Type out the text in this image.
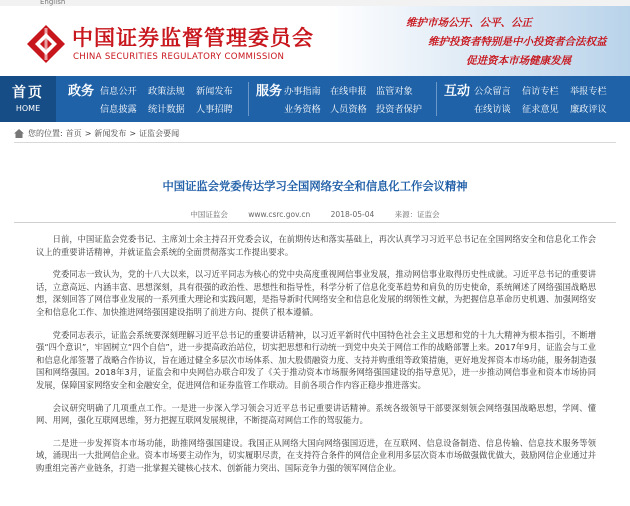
English
中国证券监督管理委员会
CHINA SECURITIES REGULATORY COMMISSION
维护市场公开、公平、公正
维护投资者特别是中小投资者合法权益
促进资本市场健康发展
首页
HOME
政务 信息公开	政策法规	新闻发布
信息披露	统计数据	人事招聘
服务 办事指南	在线申报	监管对象
业务资格	人员资格	投资者保护
互动 公众留言	信访专栏	举报专栏
在线访谈	征求意见	廉政评议
您的位置: 首页 > 新闻发布 > 证监会要闻
中国证监会党委传达学习全国网络安全和信息化工作会议精神
中国证监会	www.csrc.gov.cn	2018-05-04	来源：证监会

日前，中国证监会党委书记、主席刘士余主持召开党委会议，在前期传达和落实基础上，再次认真学习习近平总书记在全国网络安全和信息化工作会议上的重要讲话精神，并就证监会系统的全面贯彻落实工作提出要求。

党委同志一致认为，党的十八大以来，以习近平同志为核心的党中央高度重视网信事业发展，推动网信事业取得历史性成就。习近平总书记的重要讲话，立意高远、内涵丰富、思想深刻，具有很强的政治性、思想性和指导性，科学分析了信息化变革趋势和肩负的历史使命，系统阐述了网络强国战略思想，深刻回答了网信事业发展的一系列重大理论和实践问题，是指导新时代网络安全和信息化发展的纲领性文献，为把握信息革命历史机遇、加强网络安全和信息化工作、加快推进网络强国建设指明了前进方向、提供了根本遵循。

党委同志表示，证监会系统要深刻理解习近平总书记的重要讲话精神，以习近平新时代中国特色社会主义思想和党的十九大精神为根本指引，不断增强“四个意识”，牢固树立“四个自信”，进一步提高政治站位，切实把思想和行动统一到党中央关于网信工作的战略部署上来。2017年9月，证监会与工业和信息化部签署了战略合作协议，旨在通过健全多层次市场体系、加大股债融资力度、支持并购重组等政策措施，更好地发挥资本市场功能，服务制造强国和网络强国。2018年3月，证监会和中央网信办联合印发了《关于推动资本市场服务网络强国建设的指导意见》，进一步推动网信事业和资本市场协同发展，保障国家网络安全和金融安全，促进网信和证券监管工作联动。目前各项合作内容正稳步推进落实。

会议研究明确了几项重点工作。一是进一步深入学习领会习近平总书记重要讲话精神。系统各级领导干部要深刻领会网络强国战略思想，学网、懂网、用网，强化互联网思维，努力把握互联网发展规律，不断提高对网信工作的驾驭能力。

二是进一步发挥资本市场功能，助推网络强国建设。我国正从网络大国向网络强国迈进，在互联网、信息设备制造、信息传输、信息技术服务等领域，涌现出一大批网信企业。资本市场要主动作为，切实履职尽责，在支持符合条件的网信企业利用多层次资本市场做强做优做大，鼓励网信企业通过并购重组完善产业链条，打造一批掌握关键核心技术、创新能力突出、国际竞争力强的领军网信企业。
